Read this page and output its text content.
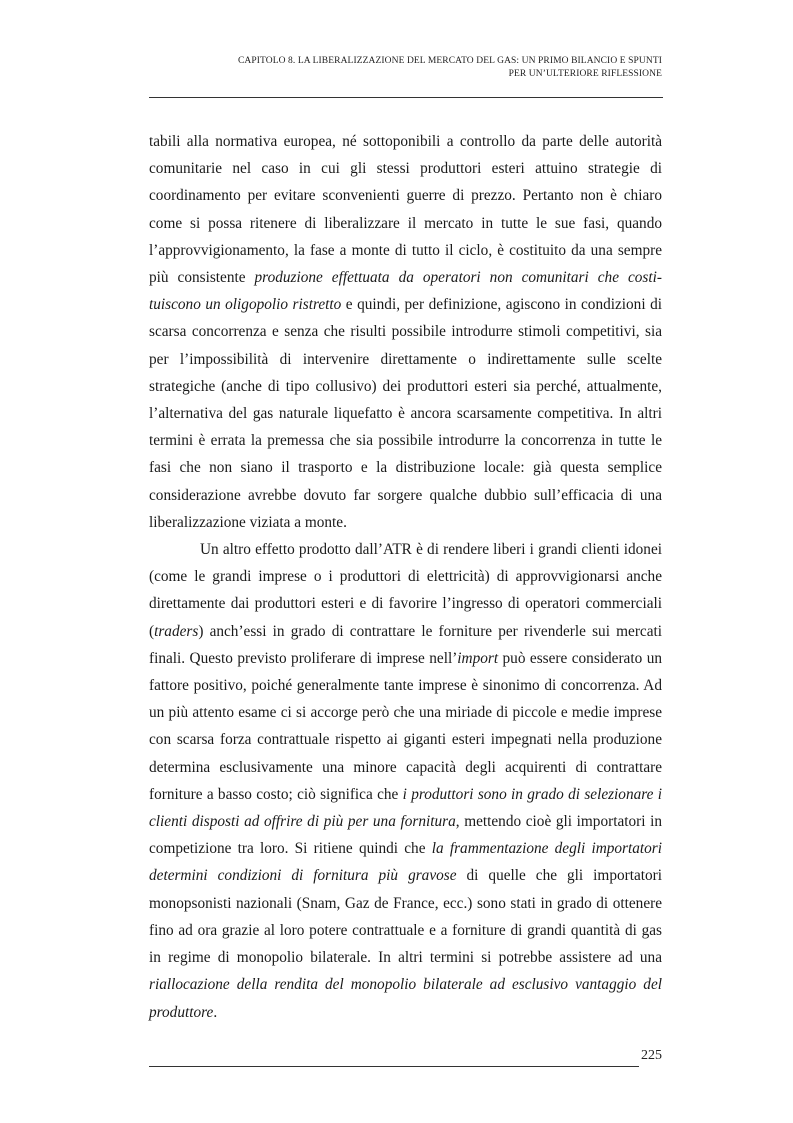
CAPITOLO 8. LA LIBERALIZZAZIONE DEL MERCATO DEL GAS: UN PRIMO BILANCIO E SPUNTI
PER UN’ULTERIORE RIFLESSIONE

tabili alla normativa europea, né sottoponibili a controllo da parte delle autorità comunitarie nel caso in cui gli stessi produttori esteri attuino strategie di coordinamento per evitare sconvenienti guerre di prezzo. Pertanto non è chiaro come si possa ritenere di liberalizzare il mercato in tutte le sue fasi, quando l’approvvigionamento, la fase a monte di tutto il ciclo, è costituito da una sempre più consistente produzione effettuata da operatori non comunitari che costituiscono un oligopolio ristretto e quindi, per definizione, agiscono in condizioni di scarsa concorrenza e senza che risulti possibile introdurre stimoli competitivi, sia per l’impossibilità di intervenire direttamente o indirettamente sulle scelte strategiche (anche di tipo collusivo) dei produttori esteri sia perché, attualmente, l’alternativa del gas naturale liquefatto è ancora scarsamente competitiva. In altri termini è errata la premessa che sia possibile introdurre la concorrenza in tutte le fasi che non siano il trasporto e la distribuzione locale: già questa semplice considerazione avrebbe dovuto far sorgere qualche dubbio sull’efficacia di una liberalizzazione viziata a monte.

Un altro effetto prodotto dall’ATR è di rendere liberi i grandi clienti idonei (come le grandi imprese o i produttori di elettricità) di approvvigionarsi anche direttamente dai produttori esteri e di favorire l’ingresso di operatori commerciali (traders) anch’essi in grado di contrattare le forniture per rivenderle sui mercati finali. Questo previsto proliferare di imprese nell’import può essere considerato un fattore positivo, poiché generalmente tante imprese è sinonimo di concorrenza. Ad un più attento esame ci si accorge però che una miriade di piccole e medie imprese con scarsa forza contrattuale rispetto ai giganti esteri impegnati nella produzione determina esclusivamente una minore capacità degli acquirenti di contrattare forniture a basso costo; ciò significa che i produttori sono in grado di selezionare i clienti disposti ad offrire di più per una fornitura, mettendo cioè gli importatori in competizione tra loro. Si ritiene quindi che la frammentazione degli importatori determini condizioni di fornitura più gravose di quelle che gli importatori monopsonisti nazionali (Snam, Gaz de France, ecc.) sono stati in grado di ottenere fino ad ora grazie al loro potere contrattuale e a forniture di grandi quantità di gas in regime di monopolio bilaterale. In altri termini si potrebbe assistere ad una riallocazione della rendita del monopolio bilaterale ad esclusivo vantaggio del produttore.

225
